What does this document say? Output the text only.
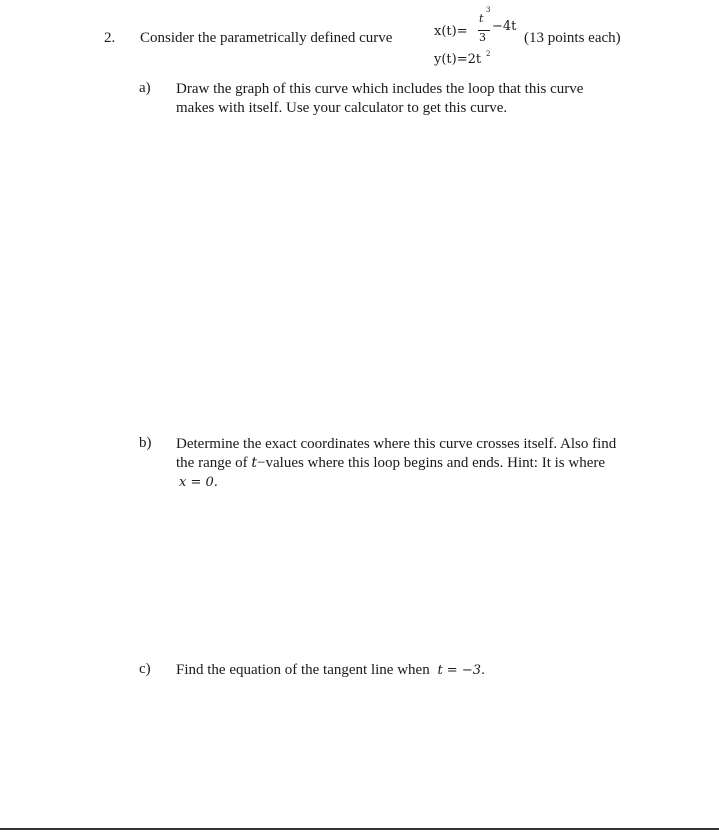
2. Consider the parametrically defined curve	x(t)=
t
3
3
−4t
y(t)=2t 2
(13 points each)
a) Draw the graph of this curve which includes the loop that this curve
makes with itself. Use your calculator to get this curve.
b) Determine the exact coordinates where this curve crosses itself. Also find
the range of t−values where this loop begins and ends. Hint: It is where
x = 0.
c) Find the equation of the tangent line when t = −3.
